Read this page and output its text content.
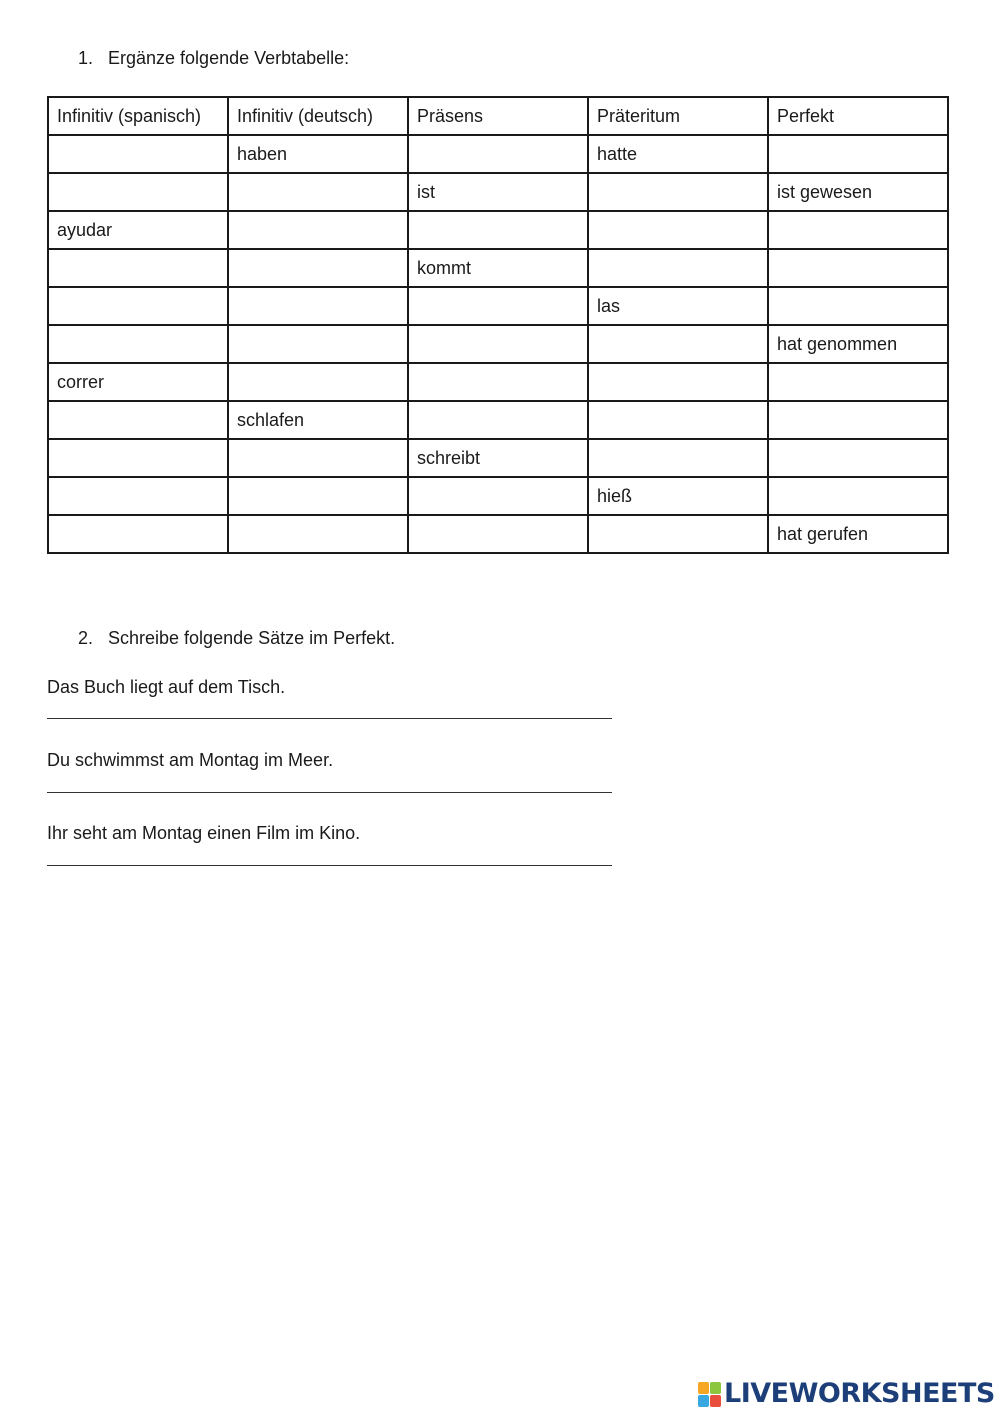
1. Ergänze folgende Verbtabelle:
Infinitiv (spanisch)	Infinitiv (deutsch)	Präsens	Präteritum	Perfekt
	haben		hatte	
		ist		ist gewesen
ayudar				
		kommt		
			las	
				hat genommen
correr				
	schlafen			
		schreibt		
			hieß	
				hat gerufen
2. Schreibe folgende Sätze im Perfekt.
Das Buch liegt auf dem Tisch.
Du schwimmst am Montag im Meer.
Ihr seht am Montag einen Film im Kino.
LIVEWORKSHEETS
